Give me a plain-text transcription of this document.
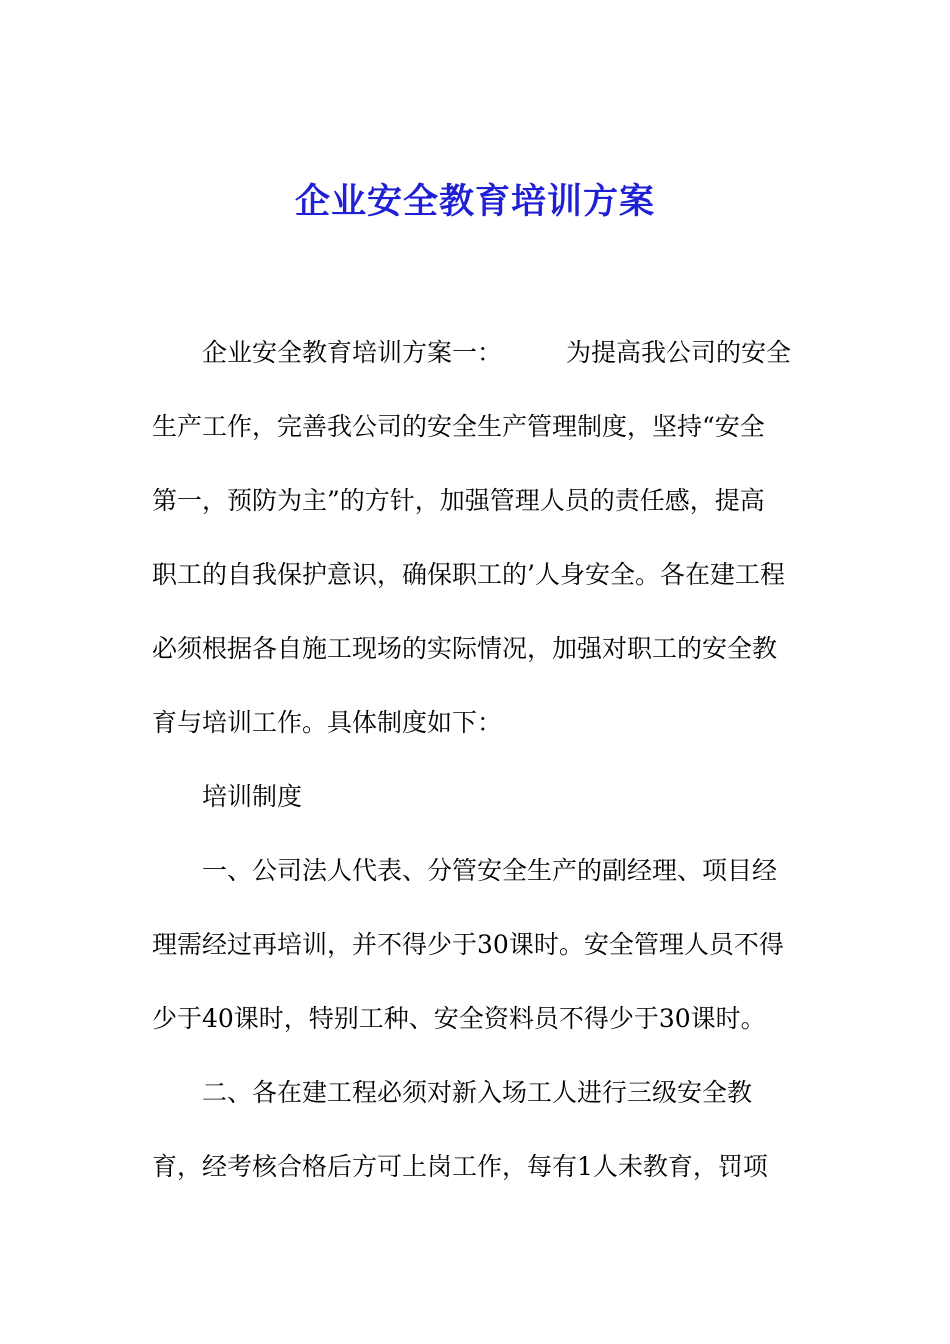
企业安全教育培训方案
企业安全教育培训方案一：	为提高我公司的安全
生产工作，完善我公司的安全生产管理制度，坚持“安全
第一，预防为主”的方针，加强管理人员的责任感，提高
职工的自我保护意识，确保职工的’人身安全。各在建工程
必须根据各自施工现场的实际情况，加强对职工的安全教
育与培训工作。具体制度如下：
培训制度
一、公司法人代表、分管安全生产的副经理、项目经
理需经过再培训，并不得少于30课时。安全管理人员不得
少于40课时，特别工种、安全资料员不得少于30课时。
二、各在建工程必须对新入场工人进行三级安全教
育，经考核合格后方可上岗工作，每有1人未教育，罚项
